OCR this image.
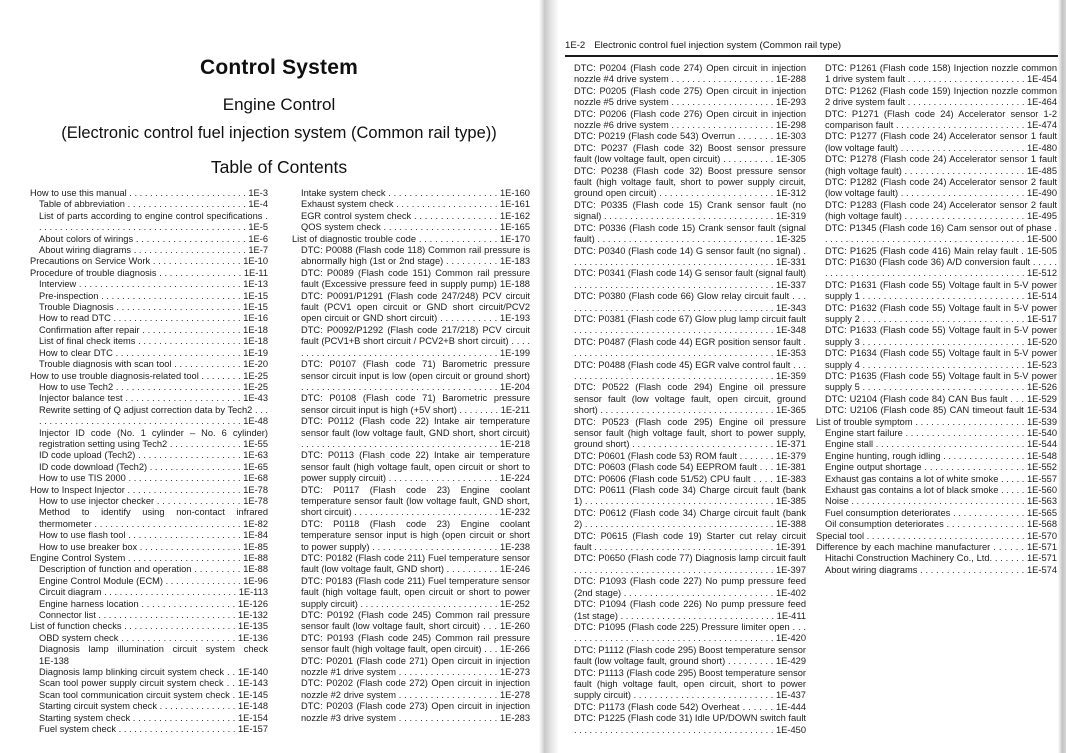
Control System
Engine Control
(Electronic control fuel injection system (Common rail type))
Table of Contents
How to use this manual . . . . . . . . . . . . . . . . . . . . . . . 1E-3
Table of abbreviation . . . . . . . . . . . . . . . . . . . . . . . 1E-4
List of parts according to engine control specifications . . . . . . . . . . . . . . . . . . . . . . . . . . . . . . . . . . . . . . . . . 1E-5
About colors of wirings . . . . . . . . . . . . . . . . . . . . . 1E-6
About wiring diagrams . . . . . . . . . . . . . . . . . . . . . . 1E-7
Precautions on Service Work . . . . . . . . . . . . . . . . . 1E-10
Procedure of trouble diagnosis . . . . . . . . . . . . . . . . 1E-11
Interview . . . . . . . . . . . . . . . . . . . . . . . . . . . . . . . 1E-13
Pre-inspection . . . . . . . . . . . . . . . . . . . . . . . . . . . 1E-15
Trouble Diagnosis . . . . . . . . . . . . . . . . . . . . . . . . 1E-15
How to read DTC . . . . . . . . . . . . . . . . . . . . . . . . . 1E-16
Confirmation after repair . . . . . . . . . . . . . . . . . . . 1E-18
List of final check items . . . . . . . . . . . . . . . . . . . . 1E-18
How to clear DTC . . . . . . . . . . . . . . . . . . . . . . . . 1E-19
Trouble diagnosis with scan tool . . . . . . . . . . . . . 1E-20
How to use trouble diagnosis-related tool . . . . . . . . 1E-25
How to use Tech2 . . . . . . . . . . . . . . . . . . . . . . . . 1E-25
Injector balance test . . . . . . . . . . . . . . . . . . . . . . 1E-43
Rewrite setting of Q adjust correction data by Tech2 . . . . . . . . . . . . . . . . . . . . . . . . . . . . . . . . . . . . . . . . . . 1E-48
Injector ID code (No. 1 cylinder – No. 6 cylinder) registration setting using Tech2 . . . . . . . . . . . . . . 1E-55
ID code upload (Tech2) . . . . . . . . . . . . . . . . . . . . 1E-63
ID code download (Tech2) . . . . . . . . . . . . . . . . . . 1E-65
How to use TIS 2000 . . . . . . . . . . . . . . . . . . . . . . 1E-68
How to Inspect Injector . . . . . . . . . . . . . . . . . . . . . . 1E-78
How to use injector checker . . . . . . . . . . . . . . . . 1E-78
Method to identify using non-contact infrared thermometer . . . . . . . . . . . . . . . . . . . . . . . . . . . . 1E-82
How to use flash tool . . . . . . . . . . . . . . . . . . . . . . 1E-84
How to use breaker box . . . . . . . . . . . . . . . . . . . . 1E-85
Engine Control System . . . . . . . . . . . . . . . . . . . . . . 1E-88
Description of function and operation . . . . . . . . . 1E-88
Engine Control Module (ECM) . . . . . . . . . . . . . . . 1E-96
Circuit diagram . . . . . . . . . . . . . . . . . . . . . . . . . . 1E-113
Engine harness location . . . . . . . . . . . . . . . . . . 1E-126
Connector list . . . . . . . . . . . . . . . . . . . . . . . . . . . 1E-132
List of function checks . . . . . . . . . . . . . . . . . . . . . . 1E-135
OBD system check . . . . . . . . . . . . . . . . . . . . . . 1E-136
Diagnosis lamp illumination circuit system check 1E-138
Diagnosis lamp blinking circuit system check . . 1E-140
Scan tool power supply circuit system check . . 1E-143
Scan tool communication circuit system check . 1E-145
Starting circuit system check . . . . . . . . . . . . . . . 1E-148
Starting system check . . . . . . . . . . . . . . . . . . . . 1E-154
Fuel system check . . . . . . . . . . . . . . . . . . . . . . . 1E-157
Intake system check . . . . . . . . . . . . . . . . . . . . . 1E-160
Exhaust system check . . . . . . . . . . . . . . . . . . . . 1E-161
EGR control system check . . . . . . . . . . . . . . . . 1E-162
QOS system check . . . . . . . . . . . . . . . . . . . . . . 1E-165
List of diagnostic trouble code . . . . . . . . . . . . . . . 1E-170
DTC: P0088 (Flash code 118) Common rail pressure is abnormally high (1st or 2nd stage) . . . . . . . . . . 1E-183
DTC: P0089 (Flash code 151) Common rail pressure fault (Excessive pressure feed in supply pump) 1E-188
DTC: P0091/P1291 (Flash code 247/248) PCV circuit fault (PCV1 open circuit or GND short circuit/PCV2 open circuit or GND short circuit) . . . . . . . . . . . 1E-193
DTC: P0092/P1292 (Flash code 217/218) PCV circuit fault (PCV1+B short circuit / PCV2+B short circuit) . . . . . . . . . . . . . . . . . . . . . . . . . . . . . . . . . . . . . . . . . . 1E-199
DTC: P0107 (Flash code 71) Barometric pressure sensor circuit input is low (open circuit or ground short) . . . . . . . . . . . . . . . . . . . . . . . . . . . . . . . . . . . . . . 1E-204
DTC: P0108 (Flash code 71) Barometric pressure sensor circuit input is high (+5V short) . . . . . . . . 1E-211
DTC: P0112 (Flash code 22) Intake air temperature sensor fault (low voltage fault, GND short, short circuit) . . . . . . . . . . . . . . . . . . . . . . . . . . . . . . . . . . . . . . 1E-218
DTC: P0113 (Flash code 22) Intake air temperature sensor fault (high voltage fault, open circuit or short to power supply circuit) . . . . . . . . . . . . . . . . . . . . . 1E-224
DTC: P0117 (Flash code 23) Engine coolant temperature sensor fault (low voltage fault, GND short, short circuit) . . . . . . . . . . . . . . . . . . . . . . . . . . . . 1E-232
DTC: P0118 (Flash code 23) Engine coolant temperature sensor input is high (open circuit or short to power supply) . . . . . . . . . . . . . . . . . . . . . . . . 1E-238
DTC: P0182 (Flash code 211) Fuel temperature sensor fault (low voltage fault, GND short) . . . . . . . . . . 1E-246
DTC: P0183 (Flash code 211) Fuel temperature sensor fault (high voltage fault, open circuit or short to power supply circuit) . . . . . . . . . . . . . . . . . . . . . . . . . . . 1E-252
DTC: P0192 (Flash code 245) Common rail pressure sensor fault (low voltage fault, short circuit) . . . 1E-260
DTC: P0193 (Flash code 245) Common rail pressure sensor fault (high voltage fault, open circuit) . . . 1E-266
DTC: P0201 (Flash code 271) Open circuit in injection nozzle #1 drive system . . . . . . . . . . . . . . . . . . . 1E-273
DTC: P0202 (Flash code 272) Open circuit in injection nozzle #2 drive system . . . . . . . . . . . . . . . . . . . 1E-278
DTC: P0203 (Flash code 273) Open circuit in injection nozzle #3 drive system . . . . . . . . . . . . . . . . . . . 1E-283
1E-2 Electronic control fuel injection system (Common rail type)
DTC: P0204 (Flash code 274) Open circuit in injection nozzle #4 drive system . . . . . . . . . . . . . . . . . . . . 1E-288
DTC: P0205 (Flash code 275) Open circuit in injection nozzle #5 drive system . . . . . . . . . . . . . . . . . . . . 1E-293
DTC: P0206 (Flash code 276) Open circuit in injection nozzle #6 drive system . . . . . . . . . . . . . . . . . . . . 1E-298
DTC: P0219 (Flash code 543) Overrun . . . . . . . 1E-303
DTC: P0237 (Flash code 32) Boost sensor pressure fault (low voltage fault, open circuit) . . . . . . . . . . 1E-305
DTC: P0238 (Flash code 32) Boost pressure sensor fault (high voltage fault, short to power supply circuit, ground open circuit) . . . . . . . . . . . . . . . . . . . . . . 1E-312
DTC: P0335 (Flash code 15) Crank sensor fault (no signal) . . . . . . . . . . . . . . . . . . . . . . . . . . . . . . . . . 1E-319
DTC: P0336 (Flash code 15) Crank sensor fault (signal fault) . . . . . . . . . . . . . . . . . . . . . . . . . . . . . . . . . . 1E-325
DTC: P0340 (Flash code 14) G sensor fault (no signal) . . . . . . . . . . . . . . . . . . . . . . . . . . . . . . . . . . . . . . . . 1E-331
DTC: P0341 (Flash code 14) G sensor fault (signal fault) . . . . . . . . . . . . . . . . . . . . . . . . . . . . . . . . . . . . . . . 1E-337
DTC: P0380 (Flash code 66) Glow relay circuit fault . . . . . . . . . . . . . . . . . . . . . . . . . . . . . . . . . . . . . . . . . . 1E-343
DTC: P0381 (Flash code 67) Glow plug lamp circuit fault . . . . . . . . . . . . . . . . . . . . . . . . . . . . . . . . . . . . . . . 1E-348
DTC: P0487 (Flash code 44) EGR position sensor fault . . . . . . . . . . . . . . . . . . . . . . . . . . . . . . . . . . . . . . . . 1E-353
DTC: P0488 (Flash code 45) EGR valve control fault . . . . . . . . . . . . . . . . . . . . . . . . . . . . . . . . . . . . . . . . . . 1E-359
DTC: P0522 (Flash code 294) Engine oil pressure sensor fault (low voltage fault, open circuit, ground short) . . . . . . . . . . . . . . . . . . . . . . . . . . . . . . . . . . 1E-365
DTC: P0523 (Flash code 295) Engine oil pressure sensor fault (high voltage fault, short to power supply, ground short) . . . . . . . . . . . . . . . . . . . . . . . . . . . 1E-371
DTC: P0601 (Flash code 53) ROM fault . . . . . . . 1E-379
DTC: P0603 (Flash code 54) EEPROM fault . . . 1E-381
DTC: P0606 (Flash code 51/52) CPU fault . . . . 1E-383
DTC: P0611 (Flash code 34) Charge circuit fault (bank 1) . . . . . . . . . . . . . . . . . . . . . . . . . . . . . . . . . . . . . 1E-385
DTC: P0612 (Flash code 34) Charge circuit fault (bank 2) . . . . . . . . . . . . . . . . . . . . . . . . . . . . . . . . . . . . . 1E-388
DTC: P0615 (Flash code 19) Starter cut relay circuit fault . . . . . . . . . . . . . . . . . . . . . . . . . . . . . . . . . . . 1E-391
DTC: P0650 (Flash code 77) Diagnosis lamp circuit fault . . . . . . . . . . . . . . . . . . . . . . . . . . . . . . . . . . . . . . . 1E-397
DTC: P1093 (Flash code 227) No pump pressure feed (2nd stage) . . . . . . . . . . . . . . . . . . . . . . . . . . . . . 1E-402
DTC: P1094 (Flash code 226) No pump pressure feed (1st stage) . . . . . . . . . . . . . . . . . . . . . . . . . . . . . . 1E-411
DTC: P1095 (Flash code 225) Pressure limiter open . . . . . . . . . . . . . . . . . . . . . . . . . . . . . . . . . . . . . . . . . . 1E-420
DTC: P1112 (Flash code 295) Boost temperature sensor fault (low voltage fault, ground short) . . . . . . . . . 1E-429
DTC: P1113 (Flash code 295) Boost temperature sensor fault (high voltage fault, open circuit, short to power supply circuit) . . . . . . . . . . . . . . . . . . . . . . . . . . . 1E-437
DTC: P1173 (Flash code 542) Overheat . . . . . . 1E-444
DTC: P1225 (Flash code 31) Idle UP/DOWN switch fault . . . . . . . . . . . . . . . . . . . . . . . . . . . . . . . . . . . . . . . 1E-450
DTC: P1261 (Flash code 158) Injection nozzle common 1 drive system fault . . . . . . . . . . . . . . . . . . . . . . . 1E-454
DTC: P1262 (Flash code 159) Injection nozzle common 2 drive system fault . . . . . . . . . . . . . . . . . . . . . . . 1E-464
DTC: P1271 (Flash code 24) Accelerator sensor 1-2 comparison fault . . . . . . . . . . . . . . . . . . . . . . . . . 1E-474
DTC: P1277 (Flash code 24) Accelerator sensor 1 fault (low voltage fault) . . . . . . . . . . . . . . . . . . . . . . . . 1E-480
DTC: P1278 (Flash code 24) Accelerator sensor 1 fault (high voltage fault) . . . . . . . . . . . . . . . . . . . . . . . 1E-485
DTC: P1282 (Flash code 24) Accelerator sensor 2 fault (low voltage fault) . . . . . . . . . . . . . . . . . . . . . . . . 1E-490
DTC: P1283 (Flash code 24) Accelerator sensor 2 fault (high voltage fault) . . . . . . . . . . . . . . . . . . . . . . . 1E-495
DTC: P1345 (Flash code 16) Cam sensor out of phase . . . . . . . . . . . . . . . . . . . . . . . . . . . . . . . . . . . . . . . . 1E-500
DTC: P1625 (Flash code 416) Main relay fault . 1E-505
DTC: P1630 (Flash code 36) A/D conversion fault . . . . . . . . . . . . . . . . . . . . . . . . . . . . . . . . . . . . . . . . . . . . 1E-512
DTC: P1631 (Flash code 55) Voltage fault in 5-V power supply 1 . . . . . . . . . . . . . . . . . . . . . . . . . . . . . . . 1E-514
DTC: P1632 (Flash code 55) Voltage fault in 5-V power supply 2 . . . . . . . . . . . . . . . . . . . . . . . . . . . . . . . 1E-517
DTC: P1633 (Flash code 55) Voltage fault in 5-V power supply 3 . . . . . . . . . . . . . . . . . . . . . . . . . . . . . . . 1E-520
DTC: P1634 (Flash code 55) Voltage fault in 5-V power supply 4 . . . . . . . . . . . . . . . . . . . . . . . . . . . . . . . 1E-523
DTC: P1635 (Flash code 55) Voltage fault in 5-V power supply 5 . . . . . . . . . . . . . . . . . . . . . . . . . . . . . . . 1E-526
DTC: U2104 (Flash code 84) CAN Bus fault . . . 1E-529
DTC: U2106 (Flash code 85) CAN timeout fault 1E-534
List of trouble symptom . . . . . . . . . . . . . . . . . . . . . 1E-539
Engine start failure . . . . . . . . . . . . . . . . . . . . . . . 1E-540
Engine stall . . . . . . . . . . . . . . . . . . . . . . . . . . . . . 1E-544
Engine hunting, rough idling . . . . . . . . . . . . . . . . 1E-548
Engine output shortage . . . . . . . . . . . . . . . . . . . 1E-552
Exhaust gas contains a lot of white smoke . . . . . 1E-557
Exhaust gas contains a lot of black smoke . . . . . 1E-560
Noise . . . . . . . . . . . . . . . . . . . . . . . . . . . . . . . . . . 1E-563
Fuel consumption deteriorates . . . . . . . . . . . . . . 1E-565
Oil consumption deteriorates . . . . . . . . . . . . . . . 1E-568
Special tool . . . . . . . . . . . . . . . . . . . . . . . . . . . . . . . 1E-570
Difference by each machine manufacturer . . . . . . 1E-571
Hitachi Construction Machinery Co., Ltd. . . . . . . 1E-571
About wiring diagrams . . . . . . . . . . . . . . . . . . . . 1E-574
